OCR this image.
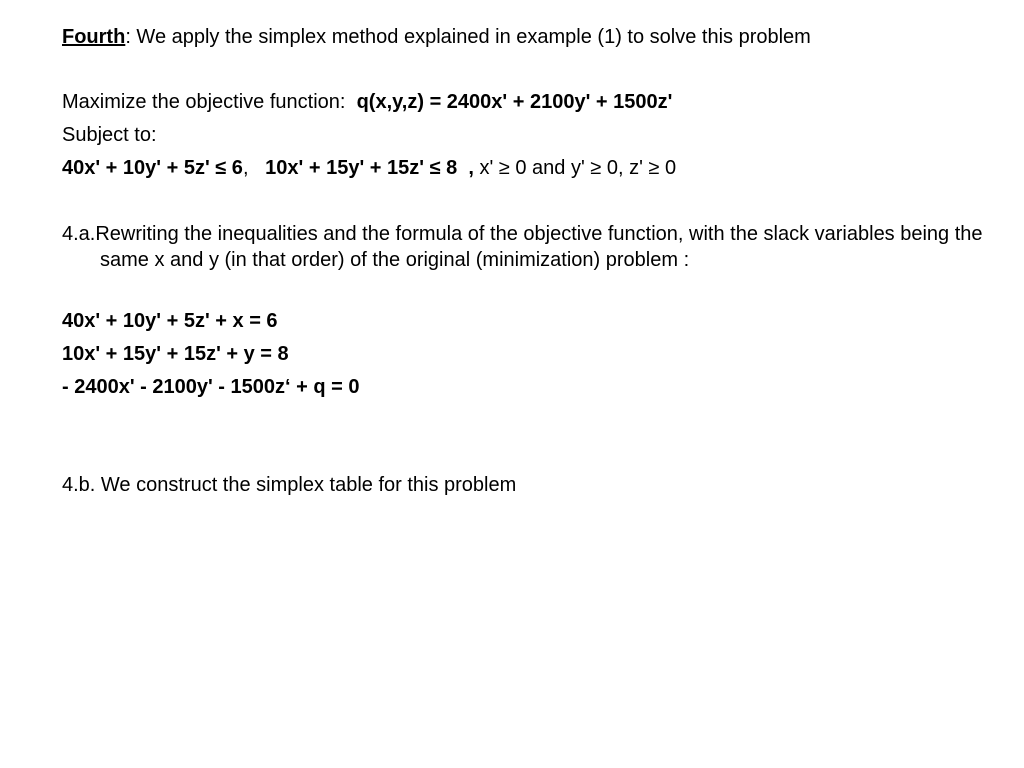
Fourth: We apply the simplex method explained in example (1) to solve this problem
Maximize the objective function:  q(x,y,z) = 2400x' + 2100y' + 1500z'
Subject to:
40x' + 10y' + 5z' ≤ 6,   10x' + 15y' + 15z' ≤ 8  , x' ≥ 0 and y' ≥ 0, z' ≥ 0
4.a.Rewriting the inequalities and the formula of the objective function, with the slack variables being the same x and y (in that order) of the original (minimization) problem :
40x' + 10y' + 5z' + x = 6
10x' + 15y' + 15z' + y = 8
- 2400x' - 2100y' - 1500z‘ + q = 0
4.b. We construct the simplex table for this problem
